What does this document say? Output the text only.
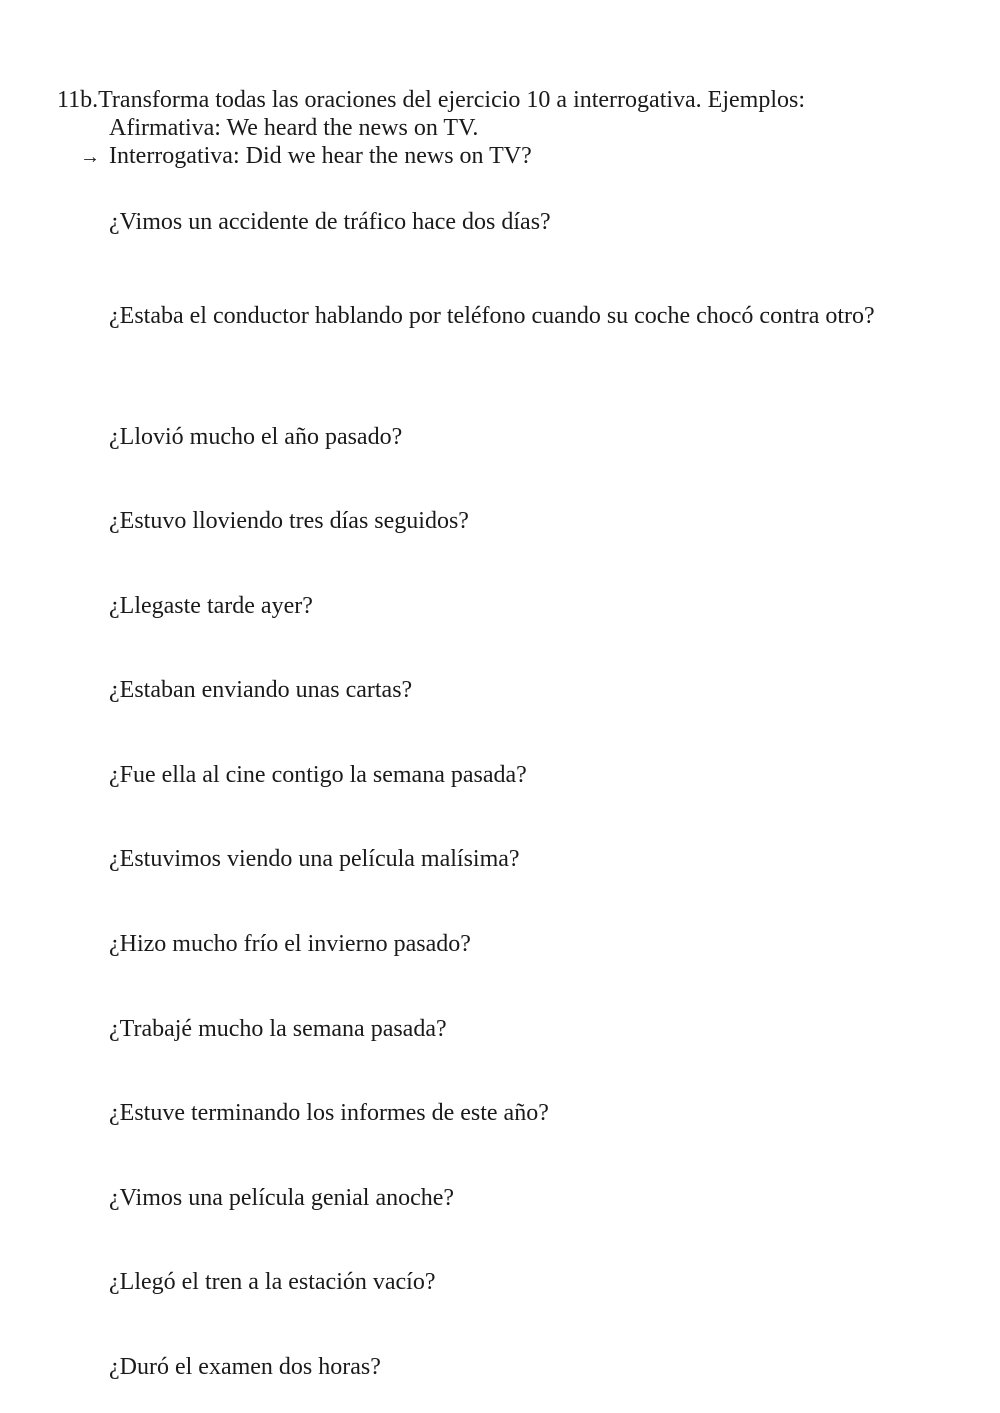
11b.Transforma todas las oraciones del ejercicio 10 a interrogativa. Ejemplos:
Afirmativa: We heard the news on TV.
→ Interrogativa: Did we hear the news on TV?
¿Vimos un accidente de tráfico hace dos días?
¿Estaba el conductor hablando por teléfono cuando su coche chocó contra otro?
¿Llovió mucho el año pasado?
¿Estuvo lloviendo tres días seguidos?
¿Llegaste tarde ayer?
¿Estaban enviando unas cartas?
¿Fue ella al cine contigo la semana pasada?
¿Estuvimos viendo una película malísima?
¿Hizo mucho frío el invierno pasado?
¿Trabajé mucho la semana pasada?
¿Estuve terminando los informes de este año?
¿Vimos una película genial anoche?
¿Llegó el tren a la estación vacío?
¿Duró el examen dos horas?
